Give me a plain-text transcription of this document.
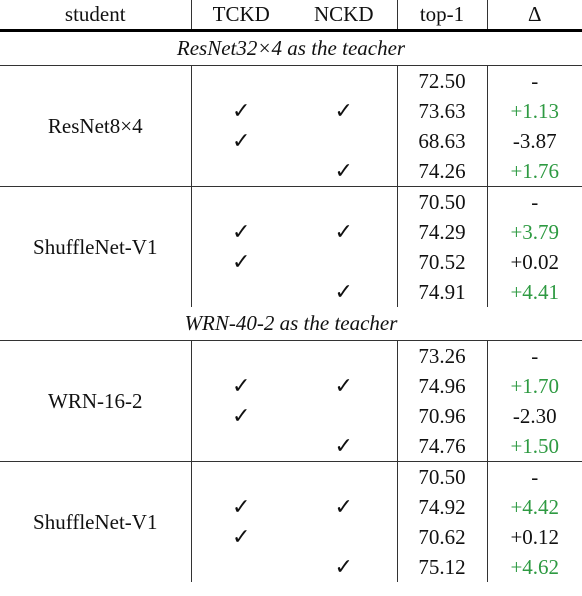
student	TCKD	NCKD	top-1	Δ
ResNet32×4 as the teacher				
ResNet8×4			72.50	-
	✓	✓	73.63	+1.13
	✓		68.63	-3.87
		✓	74.26	+1.76
ShuffleNet-V1			70.50	-
	✓	✓	74.29	+3.79
	✓		70.52	+0.02
		✓	74.91	+4.41
WRN-40-2 as the teacher				
WRN-16-2			73.26	-
	✓	✓	74.96	+1.70
	✓		70.96	-2.30
		✓	74.76	+1.50
ShuffleNet-V1			70.50	-
	✓	✓	74.92	+4.42
	✓		70.62	+0.12
		✓	75.12	+4.62
